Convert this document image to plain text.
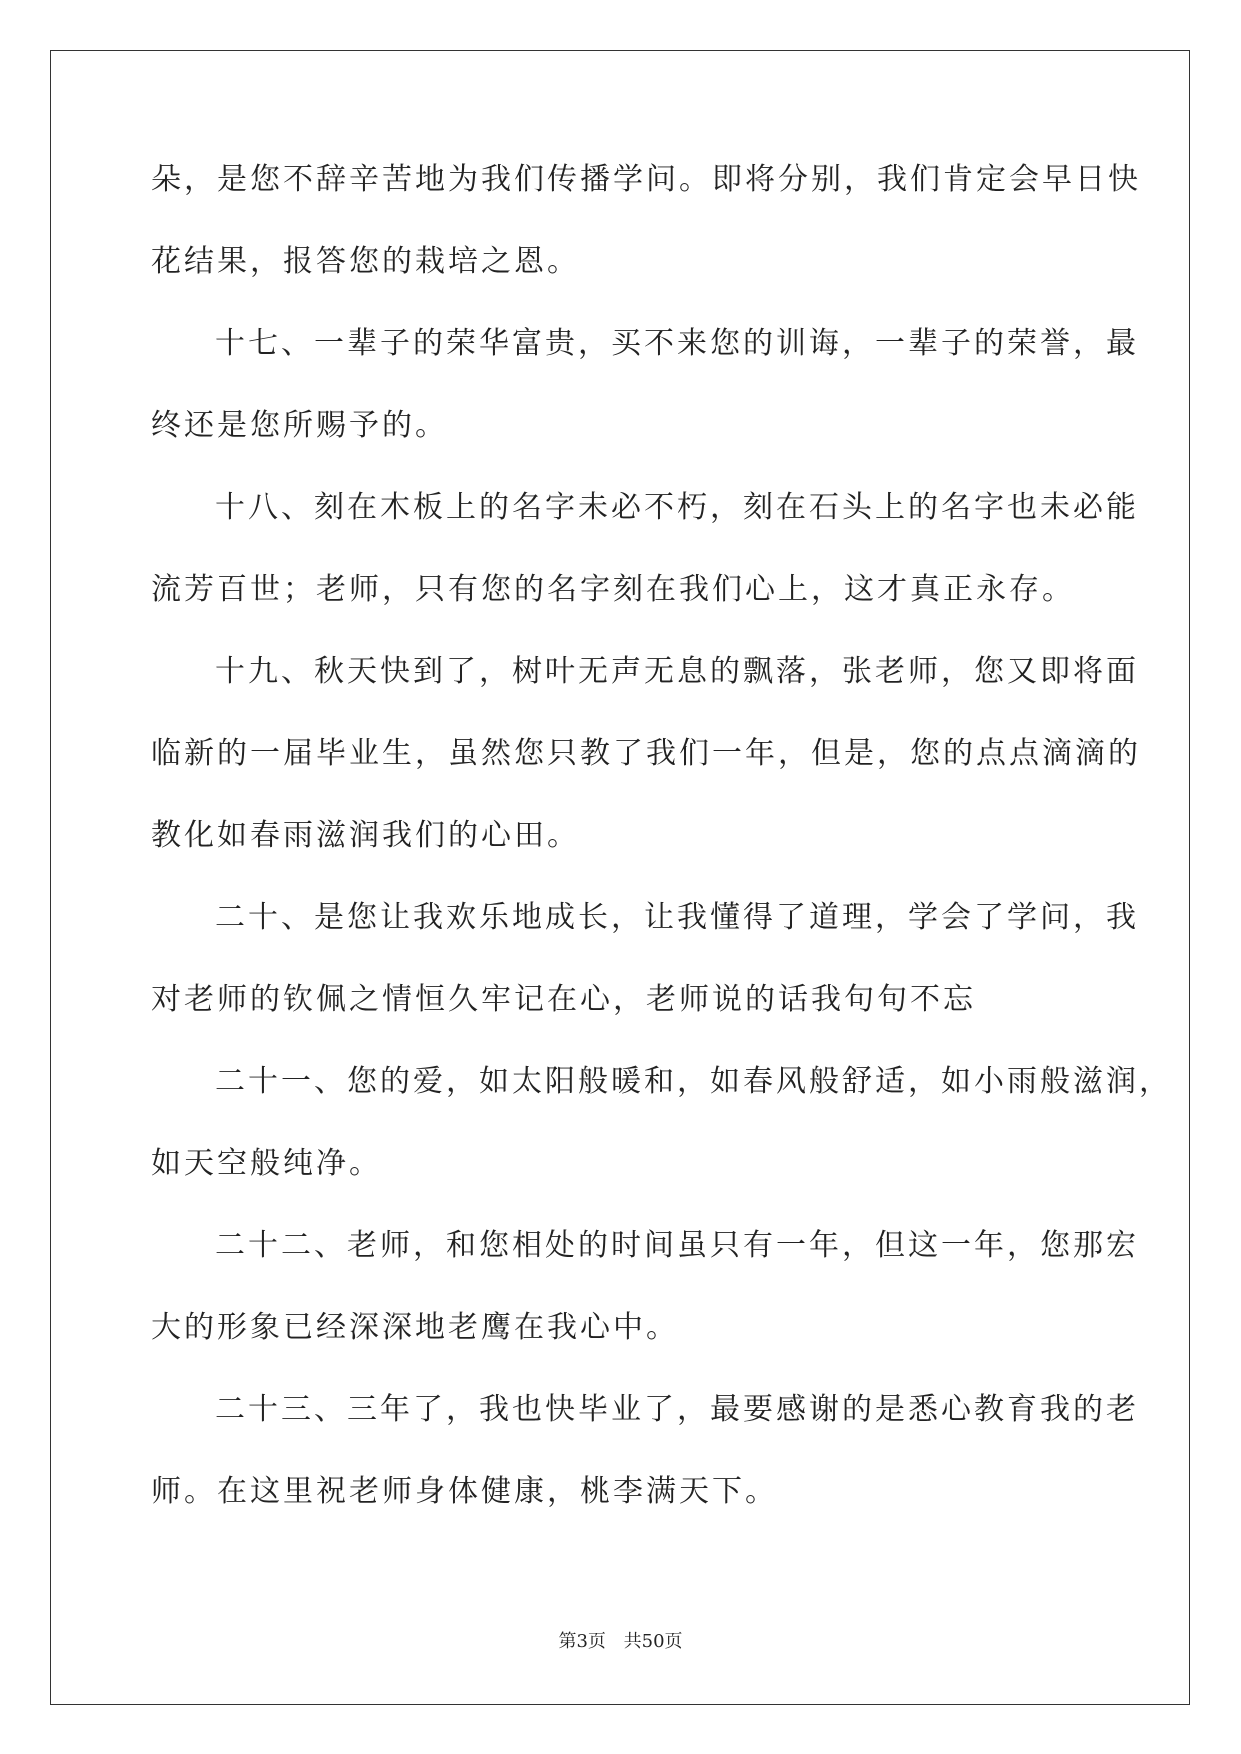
朵，是您不辞辛苦地为我们传播学问。即将分别，我们肯定会早日快
花结果，报答您的栽培之恩。
十七、一辈子的荣华富贵，买不来您的训诲，一辈子的荣誉，最
终还是您所赐予的。
十八、刻在木板上的名字未必不朽，刻在石头上的名字也未必能
流芳百世；老师，只有您的名字刻在我们心上，这才真正永存。
十九、秋天快到了，树叶无声无息的飘落，张老师，您又即将面
临新的一届毕业生，虽然您只教了我们一年，但是，您的点点滴滴的
教化如春雨滋润我们的心田。
二十、是您让我欢乐地成长，让我懂得了道理，学会了学问，我
对老师的钦佩之情恒久牢记在心，老师说的话我句句不忘
二十一、您的爱，如太阳般暖和，如春风般舒适，如小雨般滋润，
如天空般纯净。
二十二、老师，和您相处的时间虽只有一年，但这一年，您那宏
大的形象已经深深地老鹰在我心中。
二十三、三年了，我也快毕业了，最要感谢的是悉心教育我的老
师。在这里祝老师身体健康，桃李满天下。
第3页 共50页
